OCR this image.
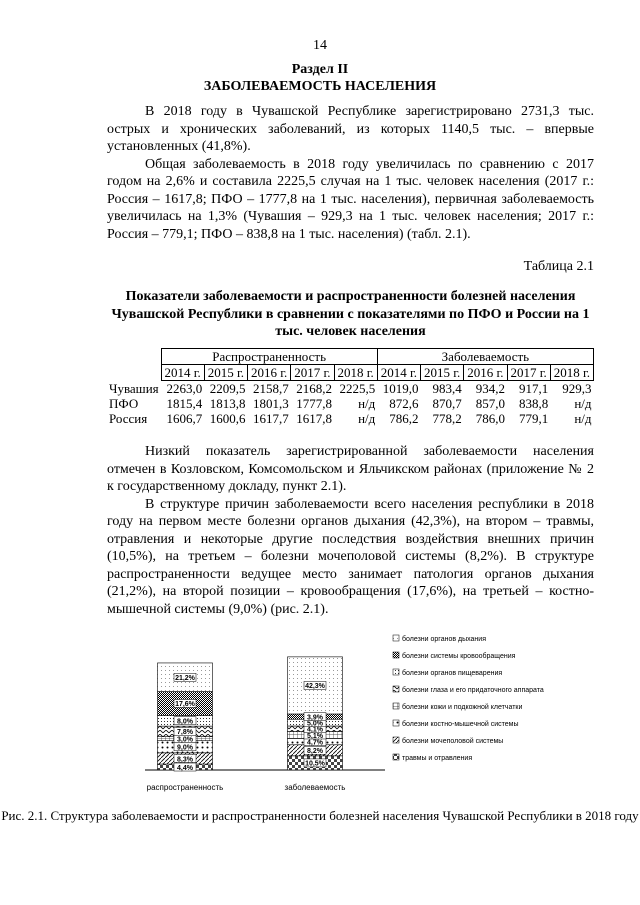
14
Раздел II
ЗАБОЛЕВАЕМОСТЬ НАСЕЛЕНИЯ

В 2018 году в Чувашской Республике зарегистрировано 2731,3 тыс. острых и хронических заболеваний, из которых 1140,5 тыс. – впервые установленных (41,8%).

Общая заболеваемость в 2018 году увеличилась по сравнению с 2017 годом на 2,6% и составила 2225,5 случая на 1 тыс. человек населения (2017 г.: Россия – 1617,8; ПФО – 1777,8 на 1 тыс. населения), первичная заболеваемость увеличилась на 1,3% (Чувашия – 929,3 на 1 тыс. человек населения; 2017 г.: Россия – 779,1; ПФО – 838,8 на 1 тыс. населения) (табл. 2.1).

Таблица 2.1
Показатели заболеваемости и распространенности болезней населения Чувашской Республики в сравнении с показателями по ПФО и России на 1 тыс. человек населения
	Распространенность					Заболеваемость				
	2014 г.	2015 г.	2016 г.	2017 г.	2018 г.	2014 г.	2015 г.	2016 г.	2017 г.	2018 г.
Чувашия	2263,0	2209,5	2158,7	2168,2	2225,5	1019,0	983,4	934,2	917,1	929,3
ПФО	1815,4	1813,8	1801,3	1777,8	н/д	872,6	870,7	857,0	838,8	н/д
Россия	1606,7	1600,6	1617,7	1617,8	н/д	786,2	778,2	786,0	779,1	н/д

Низкий показатель зарегистрированной заболеваемости населения отмечен в Козловском, Комсомольском и Яльчикском районах (приложение № 2 к государственному докладу, пункт 2.1).

В структуре причин заболеваемости всего населения республики в 2018 году на первом месте болезни органов дыхания (42,3%), на втором – травмы, отравления и некоторые другие последствия воздействия внешних причин (10,5%), на третьем – болезни мочеполовой системы (8,2%). В структуре распространенности ведущее место занимает патология органов дыхания (21,2%), на второй позиции – кровообращения (17,6%), на третьей – костно-мышечной системы (9,0%) (рис. 2.1).

4,4%
8,3%
9,0%
3,0%
7,8%
8,0%
17,6%
21,2%
10,5%
8,2%
4,7%
5,1%
4,1%
5,0%
3,9%
42,3%
распространенность	заболеваемость
болезни органов дыхания
болезни системы кровообращения
болезни органов пищеварения
болезни глаза и его придаточного аппарата
болезни кожи и подкожной клетчатки
болезни костно-мышечной системы
болезни мочеполовой системы
травмы и отравления
Рис. 2.1. Структура заболеваемости и распространенности болезней населения Чувашской Республики в 2018 году
